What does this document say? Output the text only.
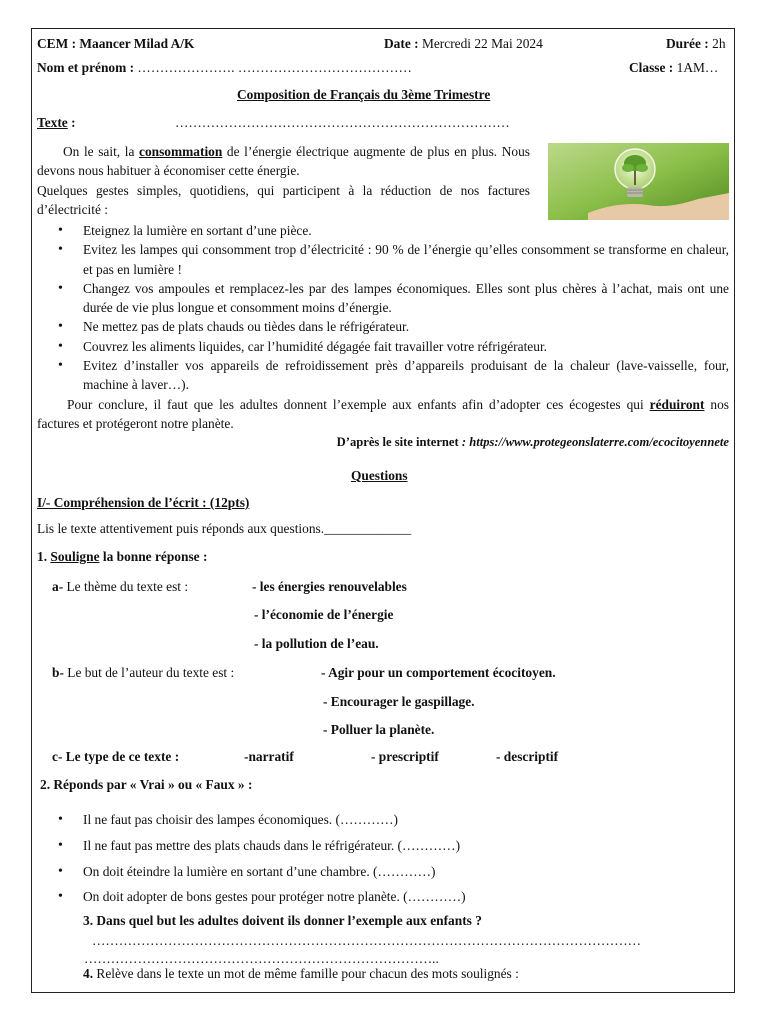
CEM : Maancer Milad A/K	Date : Mercredi 22 Mai 2024	Durée : 2h
Nom et prénom : …………………. …………………………………	Classe : 1AM…
Composition de Français du 3ème Trimestre
Texte :	…………………………………………………………………
On le sait, la consommation de l’énergie électrique augmente de plus en plus. Nous devons nous habituer à économiser cette énergie.
Quelques gestes simples, quotidiens, qui participent à la réduction de nos factures d’électricité :
• Eteignez la lumière en sortant d’une pièce.
• Evitez les lampes qui consomment trop d’électricité : 90 % de l’énergie qu’elles consomment se transforme en chaleur, et pas en lumière !
• Changez vos ampoules et remplacez-les par des lampes économiques. Elles sont plus chères à l’achat, mais ont une durée de vie plus longue et consomment moins d’énergie.
• Ne mettez pas de plats chauds ou tièdes dans le réfrigérateur.
• Couvrez les aliments liquides, car l’humidité dégagée fait travailler votre réfrigérateur.
• Evitez d’installer vos appareils de refroidissement près d’appareils produisant de la chaleur (lave-vaisselle, four, machine à laver…).
Pour conclure, il faut que les adultes donnent l’exemple aux enfants afin d’adopter ces écogestes qui réduiront nos factures et protégeront notre planète.
D’après le site internet : https://www.protegeonslaterre.com/ecocitoyennete
Questions
I/- Compréhension de l’écrit : (12pts)
Lis le texte attentivement puis réponds aux questions._____________
1. Souligne la bonne réponse :
a- Le thème du texte est :	- les énergies renouvelables
- l’économie de l’énergie
- la pollution de l’eau.
b- Le but de l’auteur du texte est :	- Agir pour un comportement écocitoyen.
- Encourager le gaspillage.
- Polluer la planète.
c- Le type de ce texte :	-narratif	- prescriptif	- descriptif
2. Réponds par « Vrai » ou « Faux » :
• Il ne faut pas choisir des lampes économiques. (…………)
• Il ne faut pas mettre des plats chauds dans le réfrigérateur. (…………)
• On doit éteindre la lumière en sortant d’une chambre. (…………)
• On doit adopter de bons gestes pour protéger notre planète. (…………)
3. Dans quel but les adultes doivent ils donner l’exemple aux enfants ?
……………………………………………………………………………………………………………
……………………………………………………………………..
4. Relève dans le texte un mot de même famille pour chacun des mots soulignés :
